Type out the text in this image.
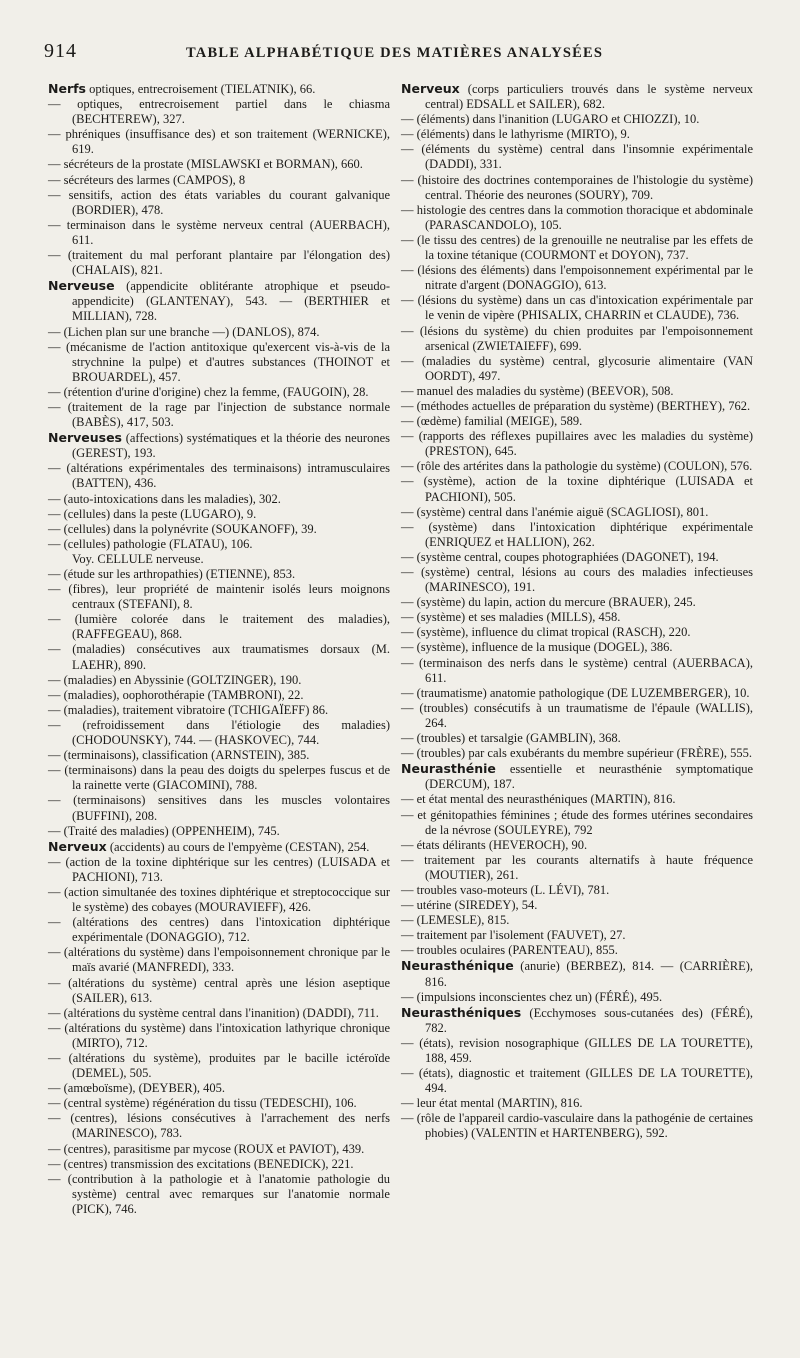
914	TABLE ALPHABÉTIQUE DES MATIÈRES ANALYSÉES
Nerfs optiques, entrecroisement (TIELATNIK), 66.
— optiques, entrecroisement partiel dans le chiasma (BECHTEREW), 327.
— phréniques (insuffisance des) et son traitement (WERNICKE), 619.
— sécréteurs de la prostate (MISLAWSKI et BORMAN), 660.
— sécréteurs des larmes (CAMPOS), 8
— sensitifs, action des états variables du courant galvanique (BORDIER), 478.
— terminaison dans le système nerveux central (AUERBACH), 611.
— (traitement du mal perforant plantaire par l'élongation des) (CHALAIS), 821.
Nerveuse (appendicite oblitérante atrophique et pseudo-appendicite) (GLANTENAY), 543. — (BERTHIER et MILLIAN), 728.
— (Lichen plan sur une branche —) (DANLOS), 874.
— (mécanisme de l'action antitoxique qu'exercent vis-à-vis de la strychnine la pulpe) et d'autres substances (THOINOT et BROUARDEL), 457.
— (rétention d'urine d'origine) chez la femme, (FAUGOIN), 28.
— (traitement de la rage par l'injection de substance normale (BABÈS), 417, 503.
Nerveuses (affections) systématiques et la théorie des neurones (GEREST), 193.
— (altérations expérimentales des terminaisons) intramusculaires (BATTEN), 436.
— (auto-intoxications dans les maladies), 302.
— (cellules) dans la peste (LUGARO), 9.
— (cellules) dans la polynévrite (SOUKANOFF), 39.
— (cellules) pathologie (FLATAU), 106.
Voy. CELLULE nerveuse.
— (étude sur les arthropathies) (ETIENNE), 853.
— (fibres), leur propriété de maintenir isolés leurs moignons centraux (STEFANI), 8.
— (lumière colorée dans le traitement des maladies), (RAFFEGEAU), 868.
— (maladies) consécutives aux traumatismes dorsaux (M. LAEHR), 890.
— (maladies) en Abyssinie (GOLTZINGER), 190.
— (maladies), oophorothérapie (TAMBRONI), 22.
— (maladies), traitement vibratoire (TCHIGAÏEFF) 86.
— (refroidissement dans l'étiologie des maladies) (CHODOUNSKY), 744. — (HASKOVEC), 744.
— (terminaisons), classification (ARNSTEIN), 385.
— (terminaisons) dans la peau des doigts du spelerpes fuscus et de la rainette verte (GIACOMINI), 788.
— (terminaisons) sensitives dans les muscles volontaires (BUFFINI), 208.
— (Traité des maladies) (OPPENHEIM), 745.
Nerveux (accidents) au cours de l'empyème (CESTAN), 254.
— (action de la toxine diphtérique sur les centres) (LUISADA et PACHIONI), 713.
— (action simultanée des toxines diphtérique et streptococcique sur le système) des cobayes (MOURAVIEFF), 426.
— (altérations des centres) dans l'intoxication diphtérique expérimentale (DONAGGIO), 712.
— (altérations du système) dans l'empoisonnement chronique par le maïs avarié (MANFREDI), 333.
— (altérations du système) central après une lésion aseptique (SAILER), 613.
— (altérations du système central dans l'inanition) (DADDI), 711.
— (altérations du système) dans l'intoxication lathyrique chronique (MIRTO), 712.
— (altérations du système), produites par le bacille ictéroïde (DEMEL), 505.
— (amœboïsme), (DEYBER), 405.
— (central système) régénération du tissu (TEDESCHI), 106.
— (centres), lésions consécutives à l'arrachement des nerfs (MARINESCO), 783.
— (centres), parasitisme par mycose (ROUX et PAVIOT), 439.
— (centres) transmission des excitations (BENEDICK), 221.
— (contribution à la pathologie et à l'anatomie pathologie du système) central avec remarques sur l'anatomie normale (PICK), 746.
Nerveux (corps particuliers trouvés dans le système nerveux central) EDSALL et SAILER), 682.
— (éléments) dans l'inanition (LUGARO et CHIOZZI), 10.
— (éléments) dans le lathyrisme (MIRTO), 9.
— (éléments du système) central dans l'insomnie expérimentale (DADDI), 331.
— (histoire des doctrines contemporaines de l'histologie du système) central. Théorie des neurones (SOURY), 709.
— histologie des centres dans la commotion thoracique et abdominale (PARASCANDOLO), 105.
— (le tissu des centres) de la grenouille ne neutralise par les effets de la toxine tétanique (COURMONT et DOYON), 737.
— (lésions des éléments) dans l'empoisonnement expérimental par le nitrate d'argent (DONAGGIO), 613.
— (lésions du système) dans un cas d'intoxication expérimentale par le venin de vipère (PHISALIX, CHARRIN et CLAUDE), 736.
— (lésions du système) du chien produites par l'empoisonnement arsenical (ZWIETAIEFF), 699.
— (maladies du système) central, glycosurie alimentaire (VAN OORDT), 497.
— manuel des maladies du système) (BEEVOR), 508.
— (méthodes actuelles de préparation du système) (BERTHEY), 762.
— (œdème) familial (MEIGE), 589.
— (rapports des réflexes pupillaires avec les maladies du système) (PRESTON), 645.
— (rôle des artérites dans la pathologie du système) (COULON), 576.
— (système), action de la toxine diphtérique (LUISADA et PACHIONI), 505.
— (système) central dans l'anémie aiguë (SCAGLIOSI), 801.
— (système) dans l'intoxication diphtérique expérimentale (ENRIQUEZ et HALLION), 262.
— (système central, coupes photographiées (DAGONET), 194.
— (système) central, lésions au cours des maladies infectieuses (MARINESCO), 191.
— (système) du lapin, action du mercure (BRAUER), 245.
— (système) et ses maladies (MILLS), 458.
— (système), influence du climat tropical (RASCH), 220.
— (système), influence de la musique (DOGEL), 386.
— (terminaison des nerfs dans le système) central (AUERBACA), 611.
— (traumatisme) anatomie pathologique (DE LUZEMBERGER), 10.
— (troubles) consécutifs à un traumatisme de l'épaule (WALLIS), 264.
— (troubles) et tarsalgie (GAMBLIN), 368.
— (troubles) par cals exubérants du membre supérieur (FRÈRE), 555.
Neurasthénie essentielle et neurasthénie symptomatique (DERCUM), 187.
— et état mental des neurasthéniques (MARTIN), 816.
— et génitopathies féminines ; étude des formes utérines secondaires de la névrose (SOULEYRE), 792
— états délirants (HEVEROCH), 90.
— traitement par les courants alternatifs à haute fréquence (MOUTIER), 261.
— troubles vaso-moteurs (L. LÉVI), 781.
— utérine (SIREDEY), 54.
— (LEMESLE), 815.
— traitement par l'isolement (FAUVET), 27.
— troubles oculaires (PARENTEAU), 855.
Neurasthénique (anurie) (BERBEZ), 814. — (CARRIÈRE), 816.
— (impulsions inconscientes chez un) (FÉRÉ), 495.
Neurasthéniques (Ecchymoses sous-cutanées des) (FÉRÉ), 782.
— (états), revision nosographique (GILLES DE LA TOURETTE), 188, 459.
— (états), diagnostic et traitement (GILLES DE LA TOURETTE), 494.
— leur état mental (MARTIN), 816.
— (rôle de l'appareil cardio-vasculaire dans la pathogénie de certaines phobies) (VALENTIN et HARTENBERG), 592.
